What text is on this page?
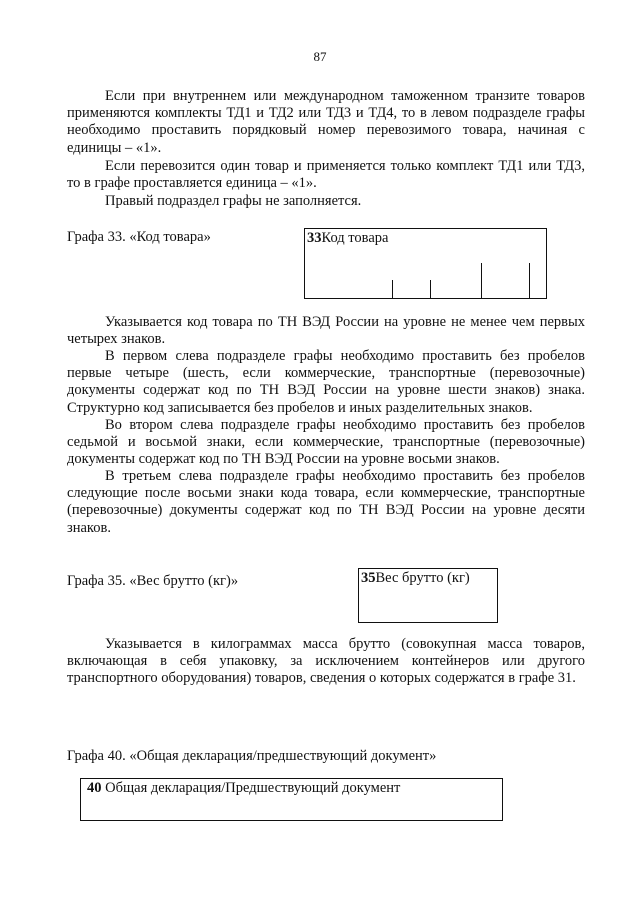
87

Если при внутреннем или международном таможенном транзите товаров применяются комплекты ТД1 и ТД2 или ТД3 и ТД4, то в левом подразделе графы необходимо проставить порядковый номер перевозимого товара, начиная с единицы – «1».

Если перевозится один товар и применяется только комплект ТД1 или ТД3, то в графе проставляется единица – «1».

Правый подраздел графы не заполняется.

Графа 33. «Код товара»	33Код товара

Указывается код товара по ТН ВЭД России на уровне не менее чем первых четырех знаков.

В первом слева подразделе графы необходимо проставить без пробелов первые четыре (шесть, если коммерческие, транспортные (перевозочные) документы содержат код по ТН ВЭД России на уровне шести знаков) знака. Структурно код записывается без пробелов и иных разделительных знаков.

Во втором слева подразделе графы необходимо проставить без пробелов седьмой и восьмой знаки, если коммерческие, транспортные (перевозочные) документы содержат код по ТН ВЭД России на уровне восьми знаков.

В третьем слева подразделе графы необходимо проставить без пробелов следующие после восьми знаки кода товара, если коммерческие, транспортные (перевозочные) документы содержат код по ТН ВЭД России на уровне десяти знаков.

Графа 35. «Вес брутто (кг)»	35Вес брутто (кг)

Указывается в килограммах масса брутто (совокупная масса товаров, включающая в себя упаковку, за исключением контейнеров или другого транспортного оборудования) товаров, сведения о которых содержатся в графе 31.

Графа 40. «Общая декларация/предшествующий документ»

40 Общая декларация/Предшествующий документ
